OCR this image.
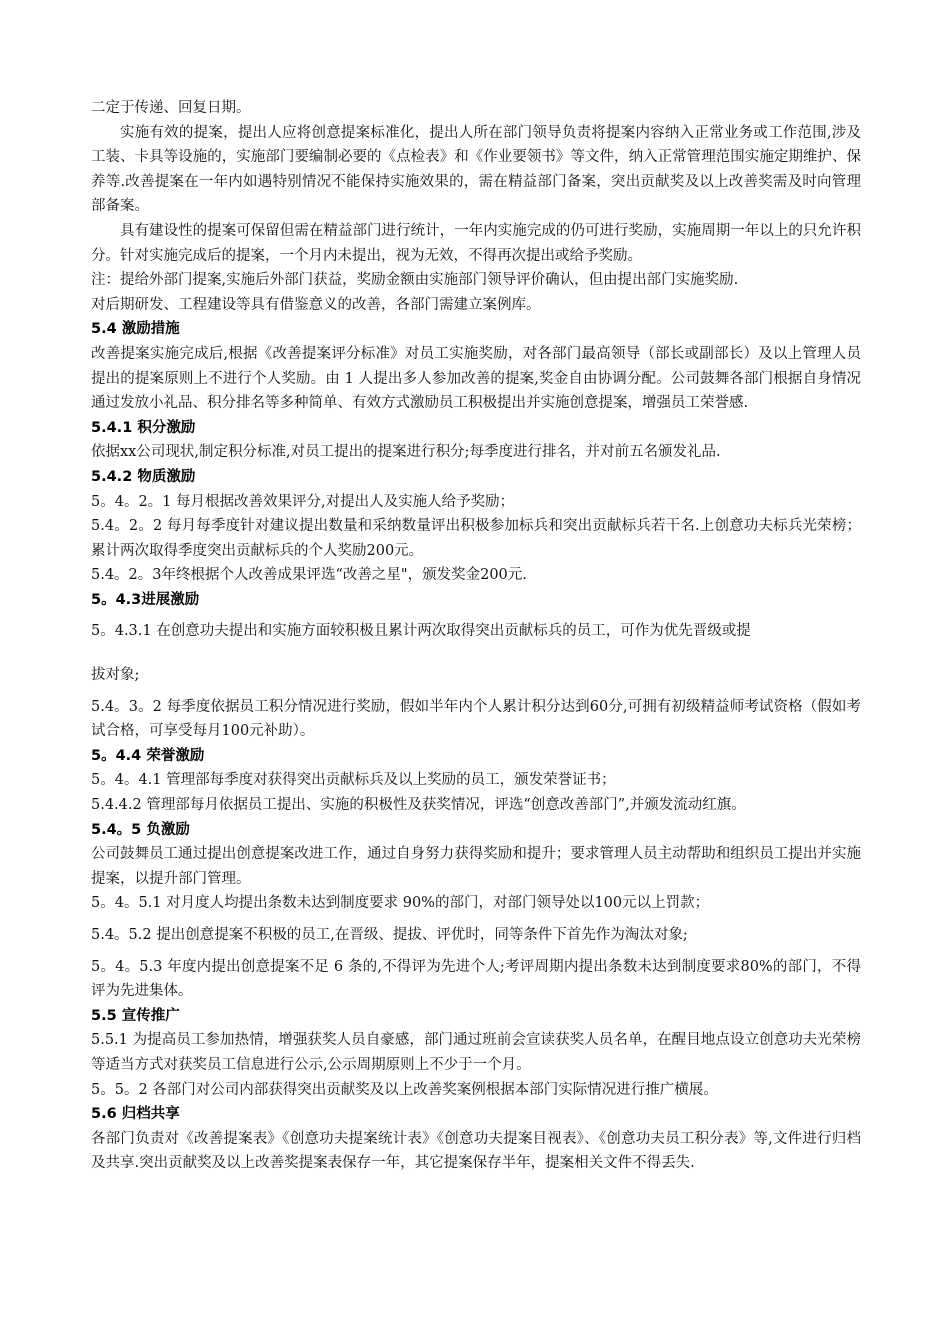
二定于传递、回复日期。

实施有效的提案，提出人应将创意提案标准化，提出人所在部门领导负责将提案内容纳入正常业务或工作范围,涉及工装、卡具等设施的，实施部门要编制必要的《点检表》和《作业要领书》等文件，纳入正常管理范围实施定期维护、保养等.改善提案在一年内如遇特别情况不能保持实施效果的，需在精益部门备案，突出贡献奖及以上改善奖需及时向管理部备案。

具有建设性的提案可保留但需在精益部门进行统计，一年内实施完成的仍可进行奖励，实施周期一年以上的只允许积分。针对实施完成后的提案，一个月内未提出，视为无效，不得再次提出或给予奖励。

注：提给外部门提案,实施后外部门获益，奖励金额由实施部门领导评价确认，但由提出部门实施奖励.

对后期研发、工程建设等具有借鉴意义的改善，各部门需建立案例库。

5.4 激励措施

改善提案实施完成后,根据《改善提案评分标准》对员工实施奖励，对各部门最高领导（部长或副部长）及以上管理人员提出的提案原则上不进行个人奖励。由 1 人提出多人参加改善的提案,奖金自由协调分配。公司鼓舞各部门根据自身情况通过发放小礼品、积分排名等多种简单、有效方式激励员工积极提出并实施创意提案，增强员工荣誉感.

5.4.1 积分激励

依据xx公司现状,制定积分标准,对员工提出的提案进行积分;每季度进行排名，并对前五名颁发礼品.

5.4.2 物质激励

5。4。2。1 每月根据改善效果评分,对提出人及实施人给予奖励；

5.4。2。2 每月每季度针对建议提出数量和采纳数量评出积极参加标兵和突出贡献标兵若干名.上创意功夫标兵光荣榜；累计两次取得季度突出贡献标兵的个人奖励200元。

5.4。2。3年终根据个人改善成果评选“改善之星"，颁发奖金200元.

5。4.3进展激励

5。4.3.1 在创意功夫提出和实施方面较积极且累计两次取得突出贡献标兵的员工，可作为优先晋级或提

拔对象;

5.4。3。2 每季度依据员工积分情况进行奖励，假如半年内个人累计积分达到60分,可拥有初级精益师考试资格（假如考试合格，可享受每月100元补助）。

5。4.4 荣誉激励

5。4。4.1 管理部每季度对获得突出贡献标兵及以上奖励的员工，颁发荣誉证书；

5.4.4.2 管理部每月依据员工提出、实施的积极性及获奖情况，评选“创意改善部门”,并颁发流动红旗。

5.4。5 负激励

公司鼓舞员工通过提出创意提案改进工作，通过自身努力获得奖励和提升；要求管理人员主动帮助和组织员工提出并实施提案，以提升部门管理。

5。4。5.1 对月度人均提出条数未达到制度要求 90%的部门，对部门领导处以100元以上罚款；

5.4。5.2 提出创意提案不积极的员工,在晋级、提拔、评优时，同等条件下首先作为淘汰对象;

5。4。5.3 年度内提出创意提案不足 6 条的,不得评为先进个人;考评周期内提出条数未达到制度要求80%的部门，不得评为先进集体。

5.5 宣传推广

5.5.1 为提高员工参加热情，增强获奖人员自豪感，部门通过班前会宣读获奖人员名单，在醒目地点设立创意功夫光荣榜等适当方式对获奖员工信息进行公示,公示周期原则上不少于一个月。

5。5。2 各部门对公司内部获得突出贡献奖及以上改善奖案例根据本部门实际情况进行推广横展。

5.6 归档共享

各部门负责对《改善提案表》《创意功夫提案统计表》《创意功夫提案目视表》、《创意功夫员工积分表》等,文件进行归档及共享.突出贡献奖及以上改善奖提案表保存一年，其它提案保存半年，提案相关文件不得丢失.
